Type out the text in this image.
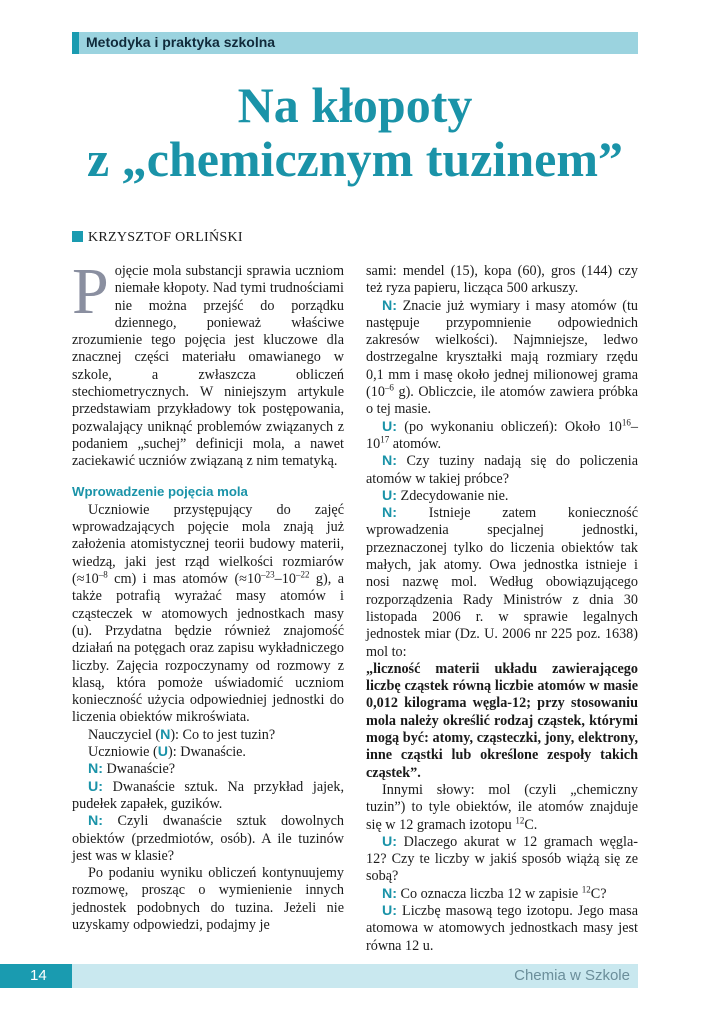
Metodyka i praktyka szkolna
Na kłopoty
z „chemicznym tuzinem”
KRZYSZTOF ORLIŃSKI

Pojęcie mola substancji sprawia uczniom niemałe kłopoty. Nad tymi trudnościami nie można przejść do porządku dziennego, ponieważ właściwe zrozumienie tego pojęcia jest kluczowe dla znacznej części materiału omawianego w szkole, a zwłaszcza obliczeń stechiometrycznych. W niniejszym artykule przedstawiam przykładowy tok postępowania, pozwalający uniknąć problemów związanych z podaniem „suchej” definicji mola, a nawet zaciekawić uczniów związaną z nim tematyką.

Wprowadzenie pojęcia mola

Uczniowie przystępujący do zajęć wprowadzających pojęcie mola znają już założenia atomistycznej teorii budowy materii, wiedzą, jaki jest rząd wielkości rozmiarów ($\approx 10^{-8}$ cm) i mas atomów ($\approx 10^{-23}-10^{-22}$ g), a także potrafią wyrażać masy atomów i cząsteczek w atomowych jednostkach masy (u). Przydatna będzie również znajomość działań na potęgach oraz zapisu wykładniczego liczby. Zajęcia rozpoczynamy od rozmowy z klasą, która pomoże uświadomić uczniom konieczność użycia odpowiedniej jednostki do liczenia obiektów mikroświata.

Nauczyciel (N): Co to jest tuzin?

Uczniowie (U): Dwanaście.

N: Dwanaście?

U: Dwanaście sztuk. Na przykład jajek, pudełek zapałek, guzików.

N: Czyli dwanaście sztuk dowolnych obiektów (przedmiotów, osób). A ile tuzinów jest was w klasie?

Po podaniu wyniku obliczeń kontynuujemy rozmowę, prosząc o wymienienie innych jednostek podobnych do tuzina. Jeżeli nie uzyskamy odpowiedzi, podajmy je

sami: mendel (15), kopa (60), gros (144) czy też ryza papieru, licząca 500 arkuszy.

N: Znacie już wymiary i masy atomów (tu następuje przypomnienie odpowiednich zakresów wielkości). Najmniejsze, ledwo dostrzegalne kryształki mają rozmiary rzędu 0,1 mm i masę około jednej milionowej grama ($10^{-6}$ g). Obliczcie, ile atomów zawiera próbka o tej masie.

U: (po wykonaniu obliczeń): Około $10^{16}-10^{17}$ atomów.

N: Czy tuziny nadają się do policzenia atomów w takiej próbce?

U: Zdecydowanie nie.

N: Istnieje zatem konieczność wprowadzenia specjalnej jednostki, przeznaczonej tylko do liczenia obiektów tak małych, jak atomy. Owa jednostka istnieje i nosi nazwę mol. Według obowiązującego rozporządzenia Rady Ministrów z dnia 30 listopada 2006 r. w sprawie legalnych jednostek miar (Dz. U. 2006 nr 225 poz. 1638) mol to:

„liczność materii układu zawierającego liczbę cząstek równą liczbie atomów w masie 0,012 kilograma węgla-12; przy stosowaniu mola należy określić rodzaj cząstek, którymi mogą być: atomy, cząsteczki, jony, elektrony, inne cząstki lub określone zespoły takich cząstek”.

Innymi słowy: mol (czyli „chemiczny tuzin”) to tyle obiektów, ile atomów znajduje się w 12 gramach izotopu $^{12}$C.

U: Dlaczego akurat w 12 gramach węgla-12? Czy te liczby w jakiś sposób wiążą się ze sobą?

N: Co oznacza liczba 12 w zapisie $^{12}$C?

U: Liczbę masową tego izotopu. Jego masa atomowa w atomowych jednostkach masy jest równa 12 u.

14	Chemia w Szkole
